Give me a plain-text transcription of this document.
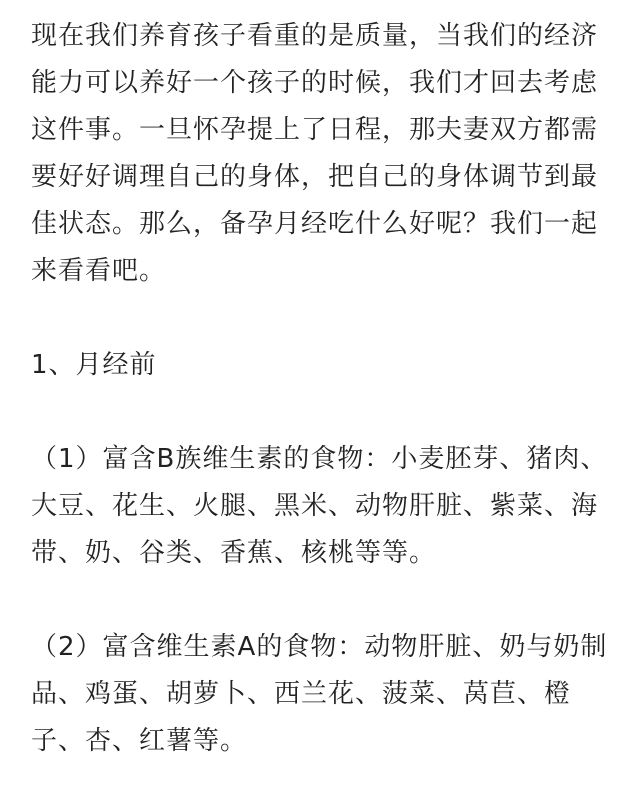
现在我们养育孩子看重的是质量，当我们的经济能力可以养好一个孩子的时候，我们才回去考虑这件事。一旦怀孕提上了日程，那夫妻双方都需要好好调理自己的身体，把自己的身体调节到最佳状态。那么，备孕月经吃什么好呢？我们一起来看看吧。

1、月经前

（1）富含B族维生素的食物：小麦胚芽、猪肉、大豆、花生、火腿、黑米、动物肝脏、紫菜、海带、奶、谷类、香蕉、核桃等等。

（2）富含维生素A的食物：动物肝脏、奶与奶制品、鸡蛋、胡萝卜、西兰花、菠菜、莴苣、橙子、杏、红薯等。
